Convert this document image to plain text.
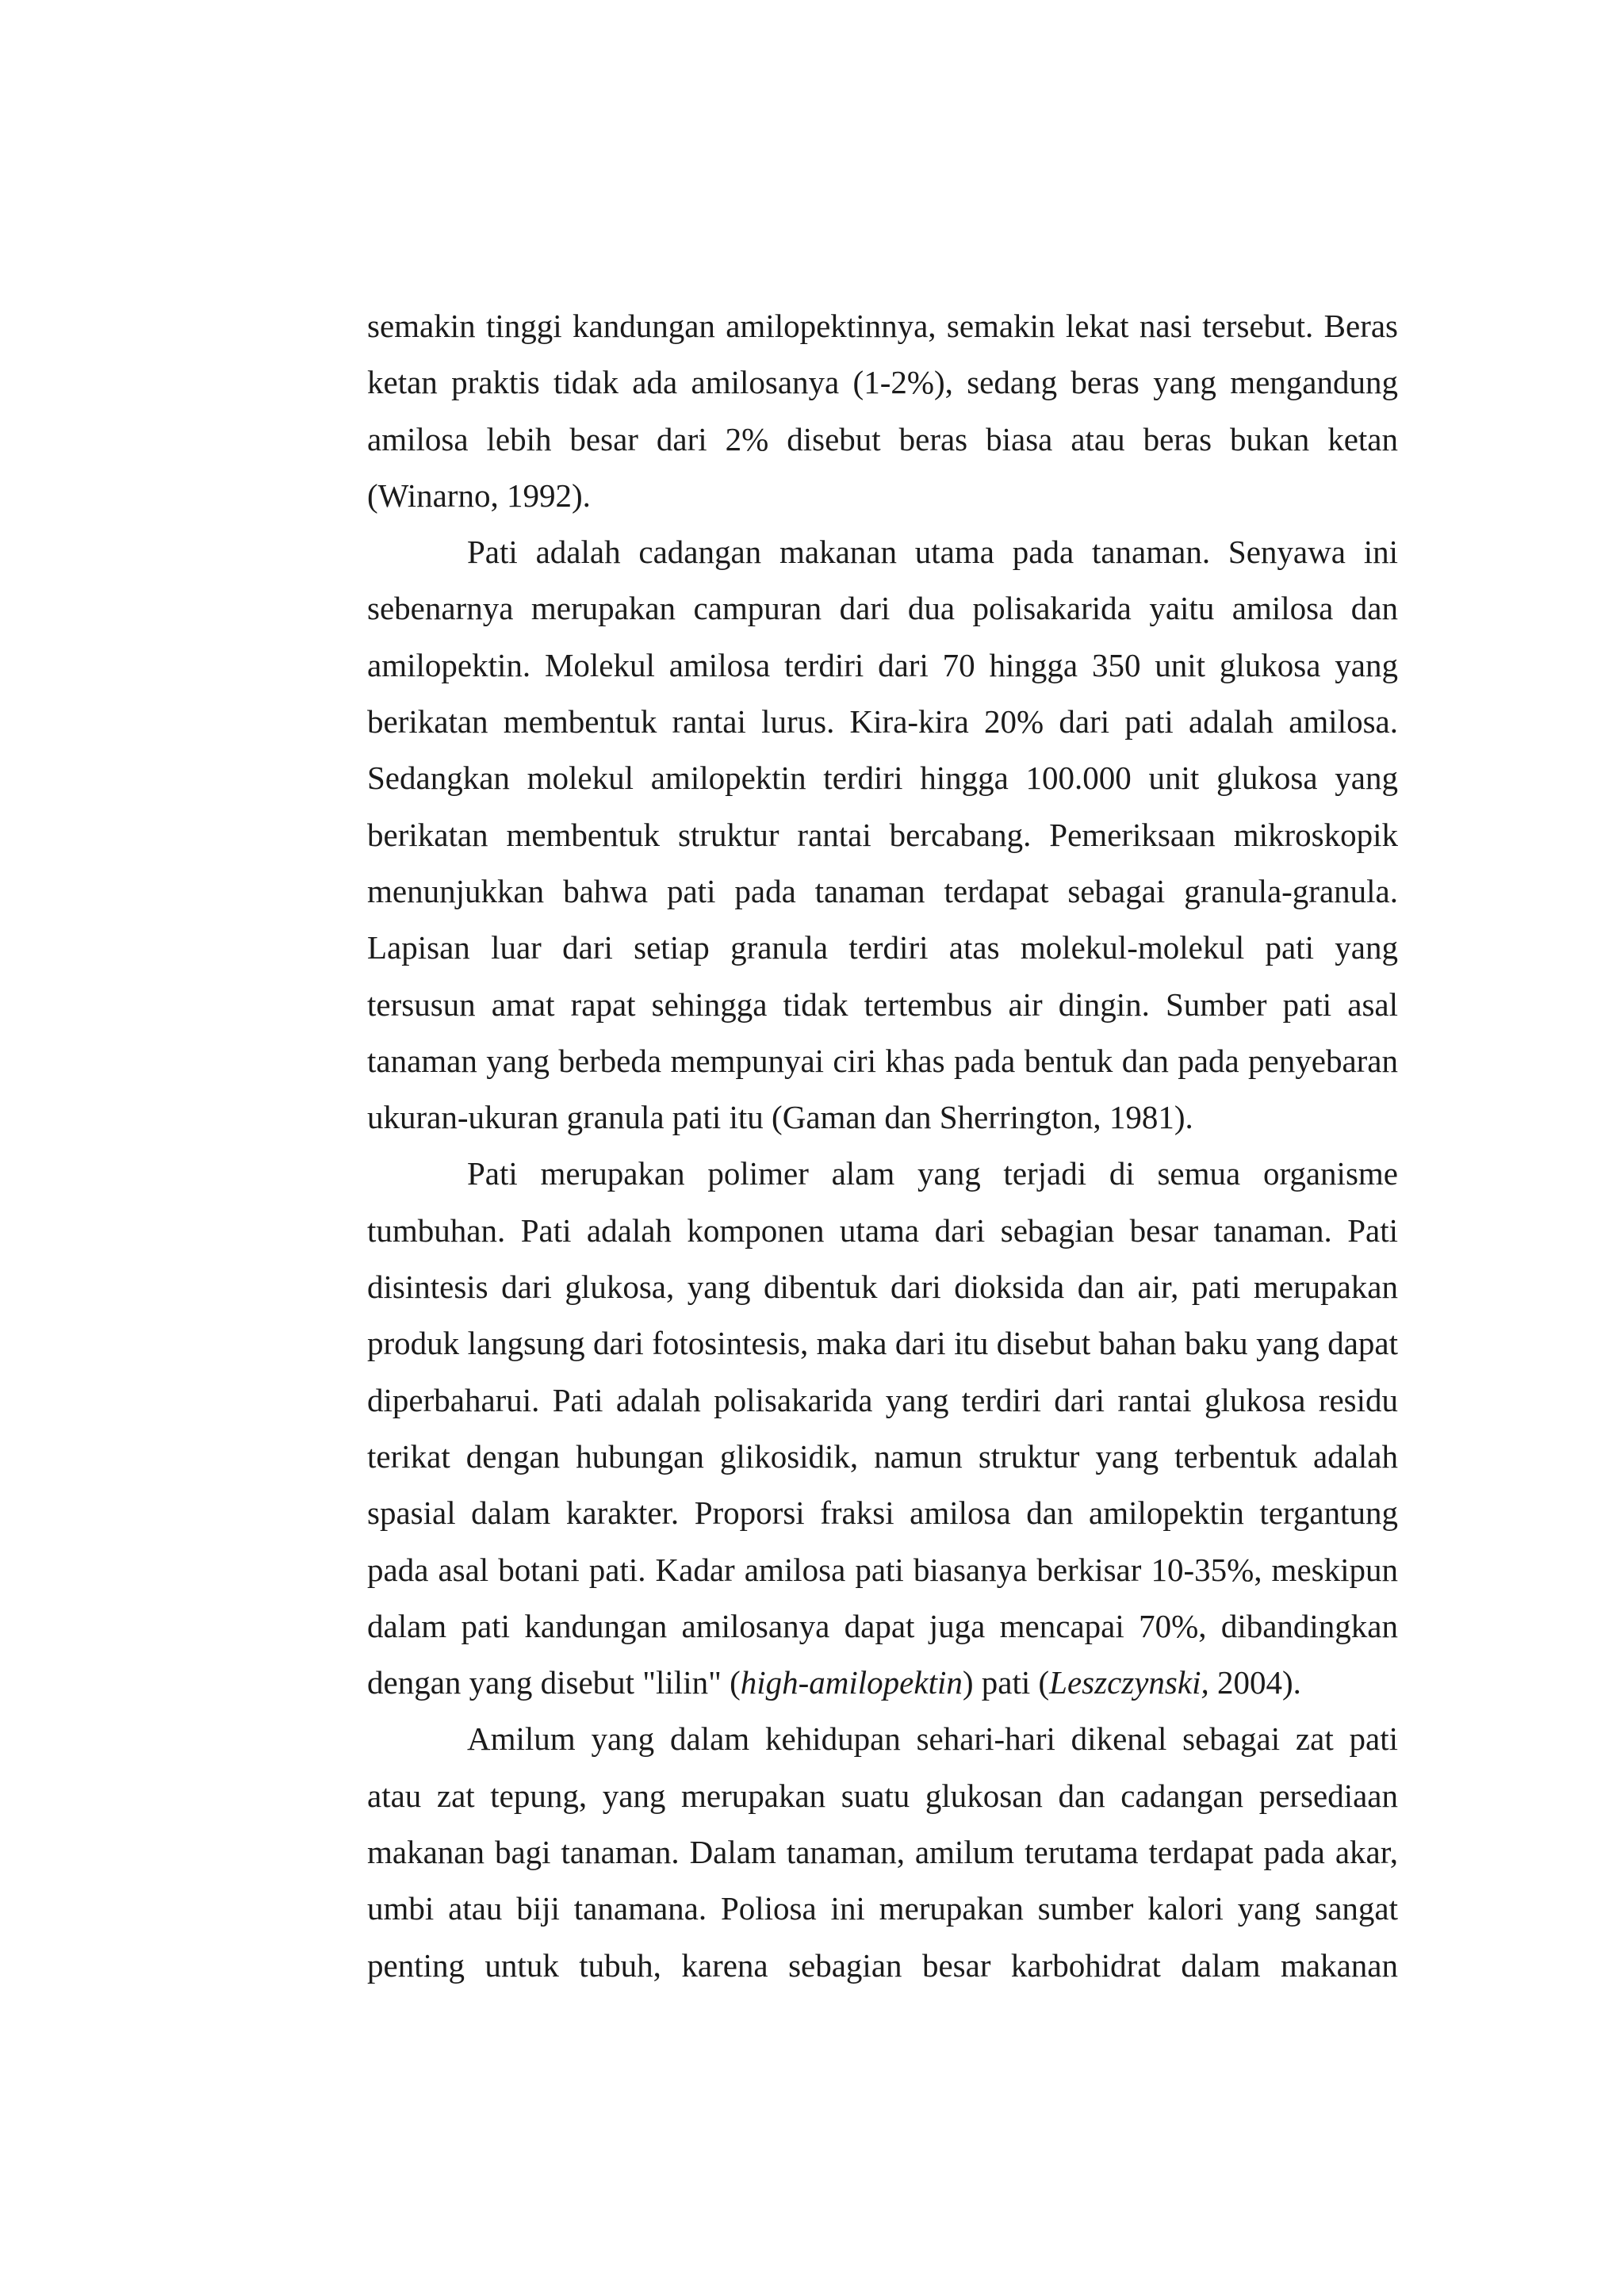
semakin tinggi kandungan amilopektinnya, semakin lekat nasi tersebut. Beras ketan praktis tidak ada amilosanya (1-2%), sedang beras yang mengandung amilosa lebih besar dari 2% disebut beras biasa atau beras bukan ketan (Winarno, 1992).

Pati adalah cadangan makanan utama pada tanaman. Senyawa ini sebenarnya merupakan campuran dari dua polisakarida yaitu amilosa dan amilopektin. Molekul amilosa terdiri dari 70 hingga 350 unit glukosa yang berikatan membentuk rantai lurus. Kira-kira 20% dari pati adalah amilosa. Sedangkan molekul amilopektin terdiri hingga 100.000 unit glukosa yang berikatan membentuk struktur rantai bercabang. Pemeriksaan mikroskopik menunjukkan bahwa pati pada tanaman terdapat sebagai granula-granula. Lapisan luar dari setiap granula terdiri atas molekul-molekul pati yang tersusun amat rapat sehingga tidak tertembus air dingin. Sumber pati asal tanaman yang berbeda mempunyai ciri khas pada bentuk dan pada penyebaran ukuran-ukuran granula pati itu (Gaman dan Sherrington, 1981).

Pati merupakan polimer alam yang terjadi di semua organisme tumbuhan. Pati adalah komponen utama dari sebagian besar tanaman. Pati disintesis dari glukosa, yang dibentuk dari dioksida dan air, pati merupakan produk langsung dari fotosintesis, maka dari itu disebut bahan baku yang dapat diperbaharui. Pati adalah polisakarida yang terdiri dari rantai glukosa residu terikat dengan hubungan glikosidik, namun struktur yang terbentuk adalah spasial dalam karakter. Proporsi fraksi amilosa dan amilopektin tergantung pada asal botani pati. Kadar amilosa pati biasanya berkisar 10-35%, meskipun dalam pati kandungan amilosanya dapat juga mencapai 70%, dibandingkan dengan yang disebut "lilin" (high-amilopektin) pati (Leszczynski, 2004).

Amilum yang dalam kehidupan sehari-hari dikenal sebagai zat pati atau zat tepung, yang merupakan suatu glukosan dan cadangan persediaan makanan bagi tanaman. Dalam tanaman, amilum terutama terdapat pada akar, umbi atau biji tanamana. Poliosa ini merupakan sumber kalori yang sangat penting untuk tubuh, karena sebagian besar karbohidrat dalam makanan
